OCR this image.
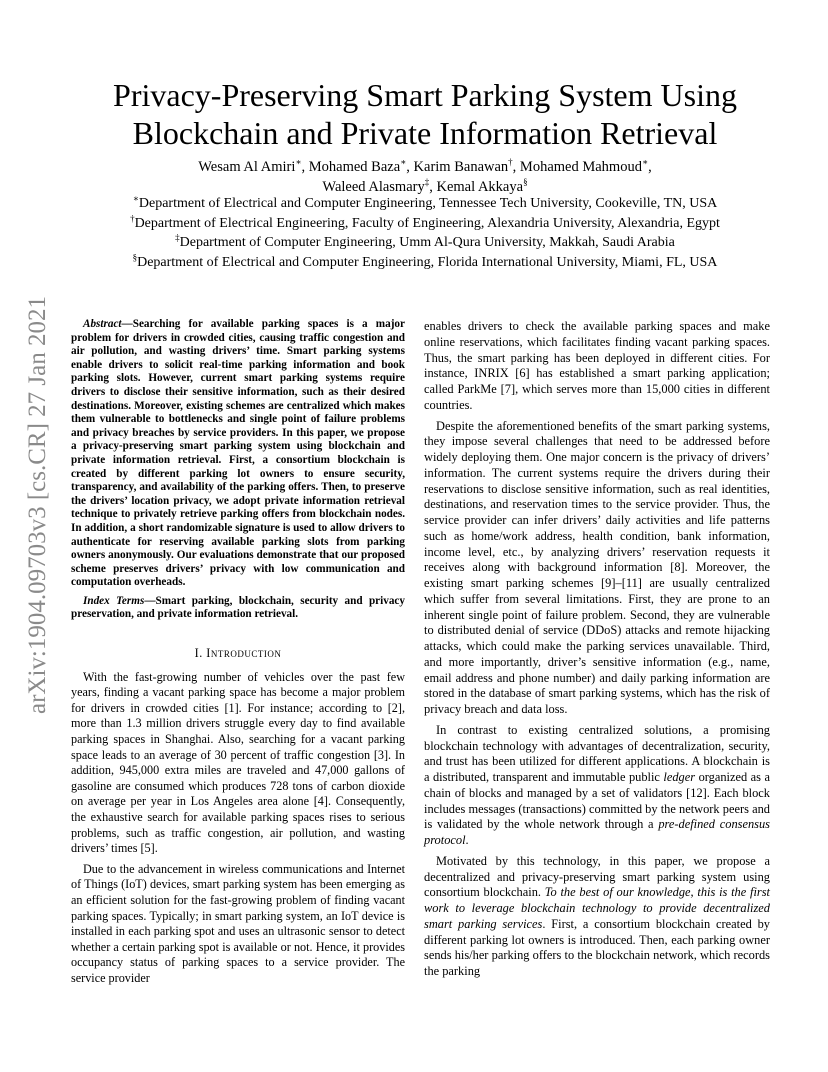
arXiv:1904.09703v3 [cs.CR] 27 Jan 2021
Privacy-Preserving Smart Parking System Using
Blockchain and Private Information Retrieval
Wesam Al Amiri∗, Mohamed Baza∗, Karim Banawan†, Mohamed Mahmoud∗,
Waleed Alasmary‡, Kemal Akkaya§
∗Department of Electrical and Computer Engineering, Tennessee Tech University, Cookeville, TN, USA
†Department of Electrical Engineering, Faculty of Engineering, Alexandria University, Alexandria, Egypt
‡Department of Computer Engineering, Umm Al-Qura University, Makkah, Saudi Arabia
§Department of Electrical and Computer Engineering, Florida International University, Miami, FL, USA

Abstract—Searching for available parking spaces is a major problem for drivers in crowded cities, causing traffic congestion and air pollution, and wasting drivers’ time. Smart parking systems enable drivers to solicit real-time parking information and book parking slots. However, current smart parking systems require drivers to disclose their sensitive information, such as their desired destinations. Moreover, existing schemes are centralized which makes them vulnerable to bottlenecks and single point of failure problems and privacy breaches by service providers. In this paper, we propose a privacy-preserving smart parking system using blockchain and private information retrieval. First, a consortium blockchain is created by different parking lot owners to ensure security, transparency, and availability of the parking offers. Then, to preserve the drivers’ location privacy, we adopt private information retrieval technique to privately retrieve parking offers from blockchain nodes. In addition, a short randomizable signature is used to allow drivers to authenticate for reserving available parking slots from parking owners anonymously. Our evaluations demonstrate that our proposed scheme preserves drivers’ privacy with low communication and computation overheads.

Index Terms—Smart parking, blockchain, security and privacy preservation, and private information retrieval.

I. Introduction

With the fast-growing number of vehicles over the past few years, finding a vacant parking space has become a major problem for drivers in crowded cities [1]. For instance; according to [2], more than 1.3 million drivers struggle every day to find available parking spaces in Shanghai. Also, searching for a vacant parking space leads to an average of 30 percent of traffic congestion [3]. In addition, 945,000 extra miles are traveled and 47,000 gallons of gasoline are consumed which produces 728 tons of carbon dioxide on average per year in Los Angeles area alone [4]. Consequently, the exhaustive search for available parking spaces rises to serious problems, such as traffic congestion, air pollution, and wasting drivers’ times [5].

Due to the advancement in wireless communications and Internet of Things (IoT) devices, smart parking system has been emerging as an efficient solution for the fast-growing problem of finding vacant parking spaces. Typically; in smart parking system, an IoT device is installed in each parking spot and uses an ultrasonic sensor to detect whether a certain parking spot is available or not. Hence, it provides occupancy status of parking spaces to a service provider. The service provider

enables drivers to check the available parking spaces and make online reservations, which facilitates finding vacant parking spaces. Thus, the smart parking has been deployed in different cities. For instance, INRIX [6] has established a smart parking application; called ParkMe [7], which serves more than 15,000 cities in different countries.

Despite the aforementioned benefits of the smart parking systems, they impose several challenges that need to be addressed before widely deploying them. One major concern is the privacy of drivers’ information. The current systems require the drivers during their reservations to disclose sensitive information, such as real identities, destinations, and reservation times to the service provider. Thus, the service provider can infer drivers’ daily activities and life patterns such as home/work address, health condition, bank information, income level, etc., by analyzing drivers’ reservation requests it receives along with background information [8]. Moreover, the existing smart parking schemes [9]–[11] are usually centralized which suffer from several limitations. First, they are prone to an inherent single point of failure problem. Second, they are vulnerable to distributed denial of service (DDoS) attacks and remote hijacking attacks, which could make the parking services unavailable. Third, and more importantly, driver’s sensitive information (e.g., name, email address and phone number) and daily parking information are stored in the database of smart parking systems, which has the risk of privacy breach and data loss.

In contrast to existing centralized solutions, a promising blockchain technology with advantages of decentralization, security, and trust has been utilized for different applications. A blockchain is a distributed, transparent and immutable public ledger organized as a chain of blocks and managed by a set of validators [12]. Each block includes messages (transactions) committed by the network peers and is validated by the whole network through a pre-defined consensus protocol.

Motivated by this technology, in this paper, we propose a decentralized and privacy-preserving smart parking system using consortium blockchain. To the best of our knowledge, this is the first work to leverage blockchain technology to provide decentralized smart parking services. First, a consortium blockchain created by different parking lot owners is introduced. Then, each parking owner sends his/her parking offers to the blockchain network, which records the parking
